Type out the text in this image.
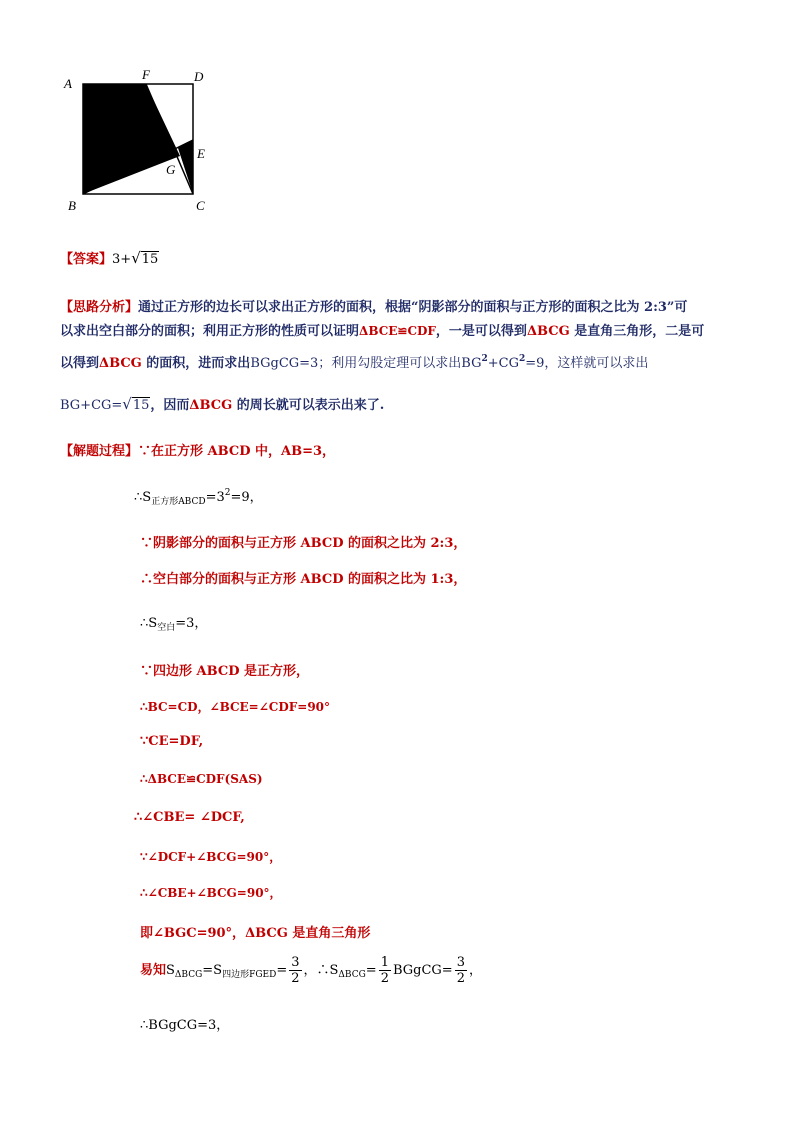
A
F	D
E
G
B	C
【答案】3+ √ 15
【思路分析】通过正方形的边长可以求出正方形的面积，根据“阴影部分的面积与正方形的面积之比为 2:3”可
以求出空白部分的面积；利用正方形的性质可以证明ΔBCE≌CDF，一是可以得到ΔBCG 是直角三角形，二是可
以得到ΔBCG 的面积，进而求出BGgCG=3；利用勾股定理可以求出$BG^2+CG^2=9$，这样就可以求出
BG+CG= √ 15 ，因而ΔBCG 的周长就可以表示出来了.
【解题过程】∵在正方形 ABCD 中，AB=3，
$\therefore S_{正方形ABCD}=3^2=9$，
∵阴影部分的面积与正方形 ABCD 的面积之比为 2:3，
∴空白部分的面积与正方形 ABCD 的面积之比为 1:3，
$\therefore S_{空白}=3$，
∵四边形 ABCD 是正方形，
∴BC=CD，∠BCE=∠CDF=90°
∵CE=DF,
∴ΔBCE≌CDF(SAS)
∴∠CBE= ∠DCF,
∵∠DCF+∠BCG=90°，
∴∠CBE+∠BCG=90°，
即∠BGC=90°，ΔBCG 是直角三角形
易知$S_{\Delta BCG}=S_{四边形FGED}= \frac{3}{2}$ ，$\therefore S_{\Delta BCG}= \frac{1}{2}$ BGgCG= $\frac{3}{2}$ ，
∴BGgCG=3，
